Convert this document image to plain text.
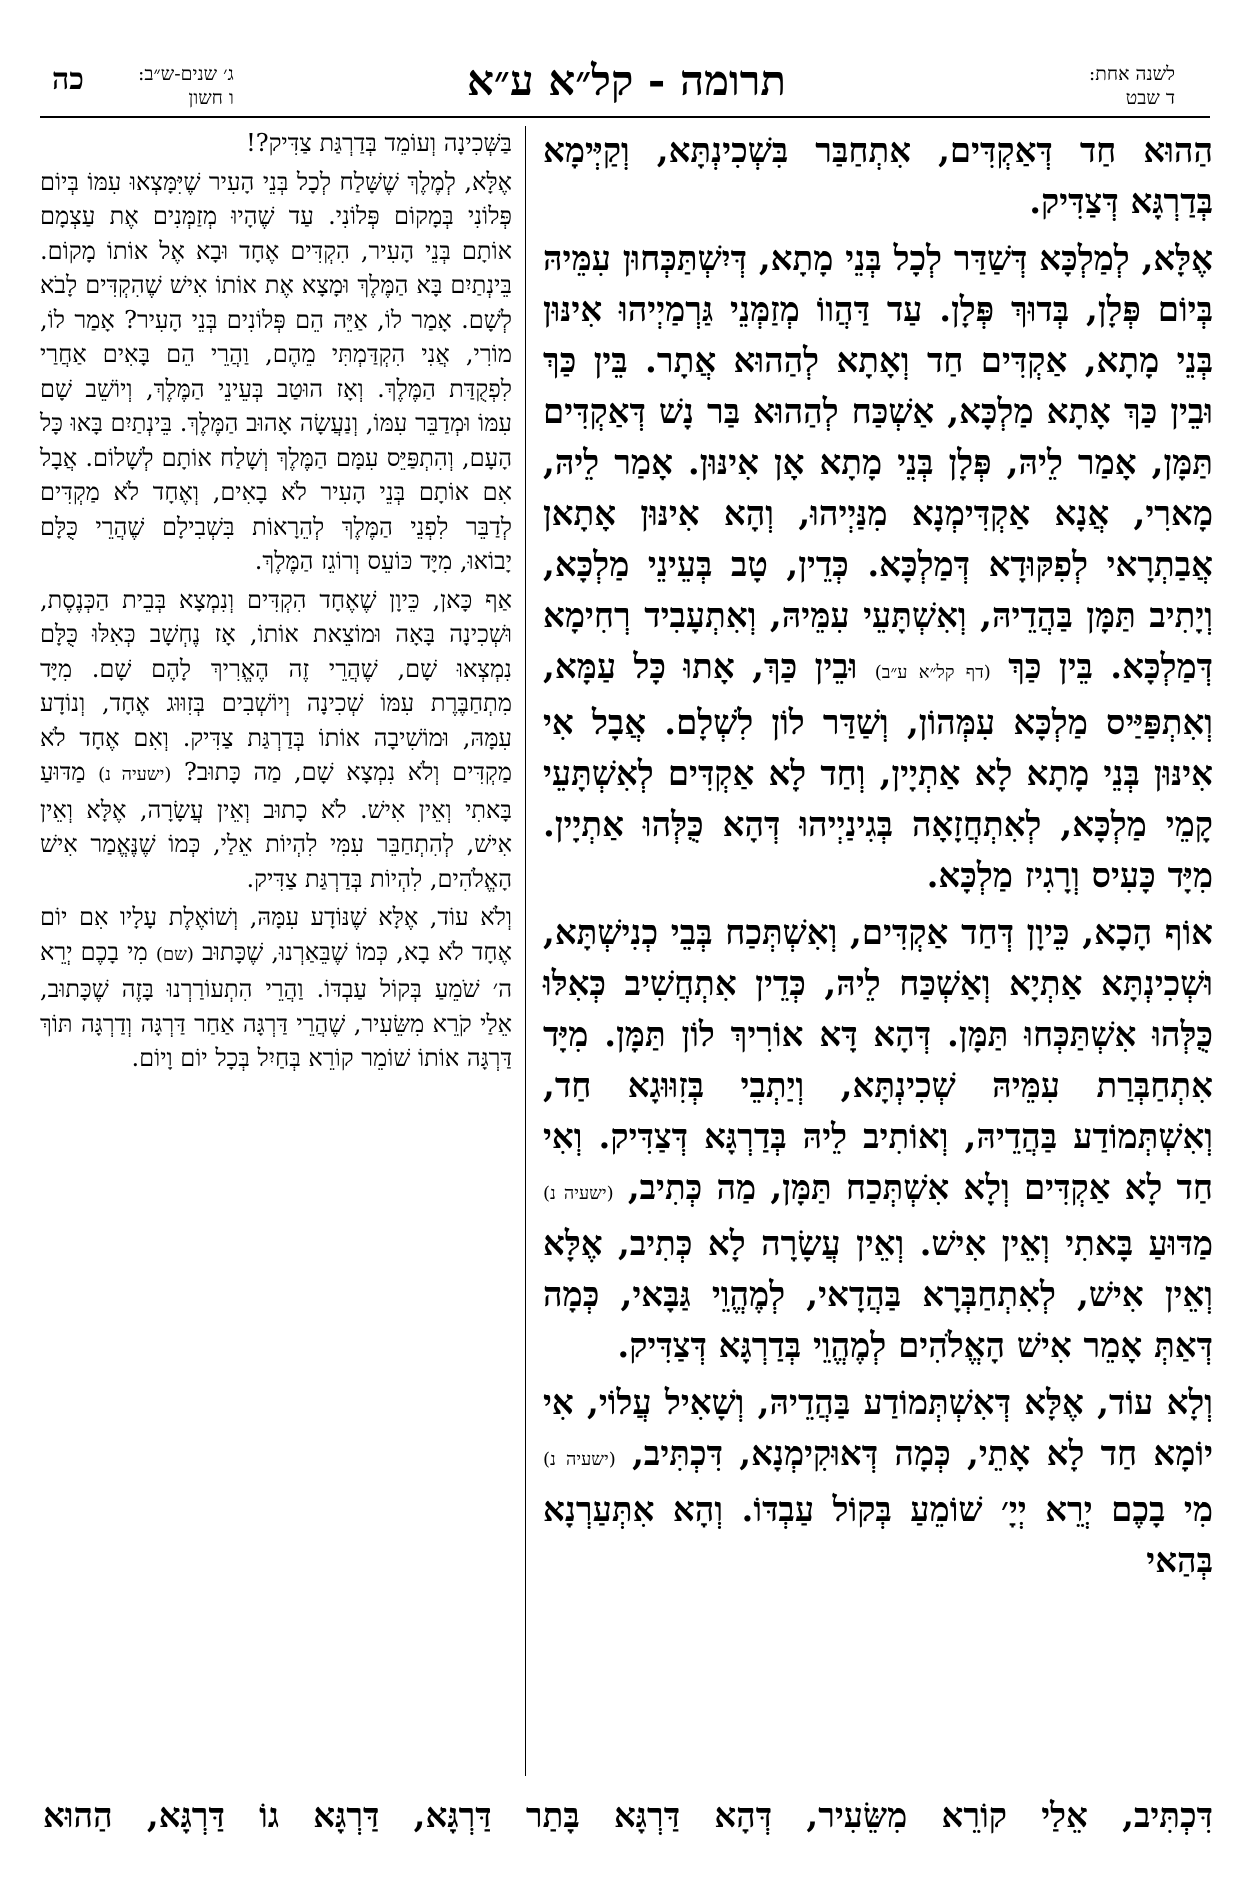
כה	ג׳ שנים-ש״ב:
ו חשון	תרומה - קל״א ע״א	לשנה אחת:
ד שבט

הַהוּא חַד דְּאַקְדִּים, אִתְחַבַּר בִּשְׁכִינְתָּא, וְקַיְּימָא בְּדַרְגָּא דְּצַדִּיק.

אֶלָּא, לְמַלְכָּא דְּשַׁדַּר לְכָל בְּנֵי מָתָא, דְּיִשְׁתַּכְּחוּן עִמֵּיהּ בְּיוֹם פְּלָן, בְּדוּךְ פְּלָן. עַד דַּהֲווֹ מְזַמְּנֵי גַּרְמַיְיהוּ אִינּוּן בְּנֵי מָתָא, אַקְדִּים חַד וְאָתָא לְהַהוּא אֲתָר. בֵּין כַּךְ וּבֵין כַּךְ אָתָא מַלְכָּא, אַשְׁכַּח לְהַהוּא בַּר נָשׁ דְּאַקְדִּים תַּמָּן, אָמַר לֵיהּ, פְּלָן בְּנֵי מָתָא אָן אִינּוּן. אָמַר לֵיהּ, מָארִי, אֲנָא אַקְדִּימְנָא מִנַּיְיהוּ, וְהָא אִינּוּן אָתָאן אֲבַתְרָאי לְפִקּוּדָא דְּמַלְכָּא. כְּדֵין, טָב בְּעֵינֵי מַלְכָּא, וְיָתִיב תַּמָּן בַּהֲדֵיהּ, וְאִשְׁתָּעֵי עִמֵּיהּ, וְאִתְעָבִיד רְחִימָא דְּמַלְכָּא. בֵּין כַּךְ (דף קל״א ע״ב) וּבֵין כַּךְ, אָתוּ כָּל עַמָּא, וְאִתְפַּיַּיס מַלְכָּא עִמְּהוֹן, וְשַׁדַּר לוֹן לִשְׁלָם. אֲבָל אִי אִינּוּן בְּנֵי מָתָא לָא אַתְיָין, וְחַד לָא אַקְדִּים לְאִשְׁתָּעֵי קָמֵי מַלְכָּא, לְאִתְחֲזָאָה בְּגִינַיְיהוּ דְּהָא כֻּלְּהוּ אַתְיָין. מִיָּד כָּעִיס וְרָגִיז מַלְכָּא.

אוֹף הָכָא, כֵּיוָן דְּחַד אַקְדִּים, וְאִשְׁתְּכַח בְּבֵי כְנִישְׁתָּא, וּשְׁכִינְתָּא אַתְיָא וְאַשְׁכַּח לֵיהּ, כְּדֵין אִתְחֲשִׁיב כְּאִלּוּ כֻּלְּהוּ אִשְׁתַּכְּחוּ תַּמָּן. דְּהָא דָּא אוֹרִיךְ לוֹן תַּמָּן. מִיָּד אִתְחַבְּרַת עִמֵּיהּ שְׁכִינְתָּא, וְיַתְבֵי בְּזִוּוּגָא חַד, וְאִשְׁתְּמוֹדַע בַּהֲדֵיהּ, וְאוֹתִיב לֵיהּ בְּדַרְגָּא דְּצַדִּיק. וְאִי חַד לָא אַקְדִּים וְלָא אִשְׁתְּכַח תַּמָּן, מַה כְּתִיב, (ישעיה נ) מַדּוּעַ בָּאתִי וְאֵין אִישׁ. וְאֵין עֲשָׂרָה לָא כְּתִיב, אֶלָּא וְאֵין אִישׁ, לְאִתְחַבְּרָא בַּהֲדָאי, לְמֶהֱוֵי גַּבָּאי, כְּמָה דְּאַתְּ אָמֵר אִישׁ הָאֱלֹהִים לְמֶהֱוֵי בְּדַרְגָּא דְּצַדִּיק.

וְלָא עוֹד, אֶלָּא דְּאִשְׁתְּמוֹדַע בַּהֲדֵיהּ, וְשָׁאִיל עֲלוֹי, אִי יוֹמָא חַד לָא אָתֵי, כְּמָה דְּאוּקִימְנָא, דִּכְתִּיב, (ישעיה נ) מִי בָכֶם יְרֵא יְיָ׳ שׁוֹמֵעַ בְּקוֹל עַבְדּוֹ. וְהָא אִתְּעַרְנָא בְּהַאי

בַּשְּׁכִינָה וְעוֹמֵד בְּדַרְגַּת צַדִּיק?!

אֶלָּא, לְמֶלֶךְ שֶׁשָּׁלַח לְכָל בְּנֵי הָעִיר שֶׁיִּמָּצְאוּ עִמּוֹ בְּיוֹם פְּלוֹנִי בְּמָקוֹם פְּלוֹנִי. עַד שֶׁהָיוּ מְזַמְּנִים אֶת עַצְמָם אוֹתָם בְּנֵי הָעִיר, הִקְדִּים אֶחָד וּבָא אֶל אוֹתוֹ מָקוֹם. בֵּינְתַיִם בָּא הַמֶּלֶךְ וּמָצָא אֶת אוֹתוֹ אִישׁ שֶׁהִקְדִּים לָבֹא לְשָׁם. אָמַר לוֹ, אַיֵּה הֵם פְּלוֹנִים בְּנֵי הָעִיר? אָמַר לוֹ, מוֹרִי, אֲנִי הִקְדַּמְתִּי מֵהֶם, וַהֲרֵי הֵם בָּאִים אַחֲרַי לִפְקֻדַּת הַמֶּלֶךְ. וְאָז הוּטַב בְּעֵינֵי הַמֶּלֶךְ, וְיוֹשֵׁב שָׁם עִמּוֹ וּמְדַבֵּר עִמּוֹ, וְנַעֲשָׂה אָהוּב הַמֶּלֶךְ. בֵּינְתַיִם בָּאוּ כָּל הָעָם, וְהִתְפַּיֵּס עִמָּם הַמֶּלֶךְ וְשָׁלַח אוֹתָם לְשָׁלוֹם. אֲבָל אִם אוֹתָם בְּנֵי הָעִיר לֹא בָאִים, וְאֶחָד לֹא מַקְדִּים לְדַבֵּר לִפְנֵי הַמֶּלֶךְ לְהֵרָאוֹת בִּשְׁבִילָם שֶׁהֲרֵי כֻּלָּם יָבוֹאוּ, מִיָּד כּוֹעֵס וְרוֹגֵז הַמֶּלֶךְ.

אַף כָּאן, כֵּיוָן שֶׁאֶחָד הִקְדִּים וְנִמְצָא בְּבֵית הַכְּנֶסֶת, וּשְׁכִינָה בָּאָה וּמוֹצֵאת אוֹתוֹ, אָז נֶחְשָׁב כְּאִלּוּ כֻּלָּם נִמְצְאוּ שָׁם, שֶׁהֲרֵי זֶה הֶאֱרִיךְ לָהֶם שָׁם. מִיָּד מִתְחַבֶּרֶת עִמּוֹ שְׁכִינָה וְיוֹשְׁבִים בְּזִוּוּג אֶחָד, וְנוֹדָע עִמָּהּ, וּמוֹשִׁיבָה אוֹתוֹ בְּדַרְגַּת צַדִּיק. וְאִם אֶחָד לֹא מַקְדִּים וְלֹא נִמְצָא שָׁם, מַה כָּתוּב? (ישעיה נ) מַדּוּעַ בָּאתִי וְאֵין אִישׁ. לֹא כָתוּב וְאֵין עֲשָׂרָה, אֶלָּא וְאֵין אִישׁ, לְהִתְחַבֵּר עִמִּי לִהְיוֹת אֵלַי, כְּמוֹ שֶׁנֶּאֱמַר אִישׁ הָאֱלֹהִים, לִהְיוֹת בְּדַרְגַּת צַדִּיק.

וְלֹא עוֹד, אֶלָּא שֶׁנּוֹדָע עִמָּהּ, וְשׁוֹאֶלֶת עָלָיו אִם יוֹם אֶחָד לֹא בָא, כְּמוֹ שֶׁבֵּאַרְנוּ, שֶׁכָּתוּב (שם) מִי בָכֶם יְרֵא ה׳ שֹׁמֵעַ בְּקוֹל עַבְדּוֹ. וַהֲרֵי הִתְעוֹרַרְנוּ בָּזֶה שֶׁכָּתוּב, אֵלַי קֹרֵא מִשֵּׂעִיר, שֶׁהֲרֵי דַּרְגָּה אַחַר דַּרְגָּה וְדַרְגָּה תּוֹךְ דַּרְגָּה אוֹתוֹ שׁוֹמֵר קוֹרֵא בְּחַיִל בְּכָל יוֹם וָיוֹם.

דִּכְתִּיב, אֵלַי קוֹרֵא מִשֵּׂעִיר, דְּהָא דַּרְגָּא בָּתַר דַּרְגָּא, דַּרְגָּא גוֹ דַּרְגָּא, הַהוּא
